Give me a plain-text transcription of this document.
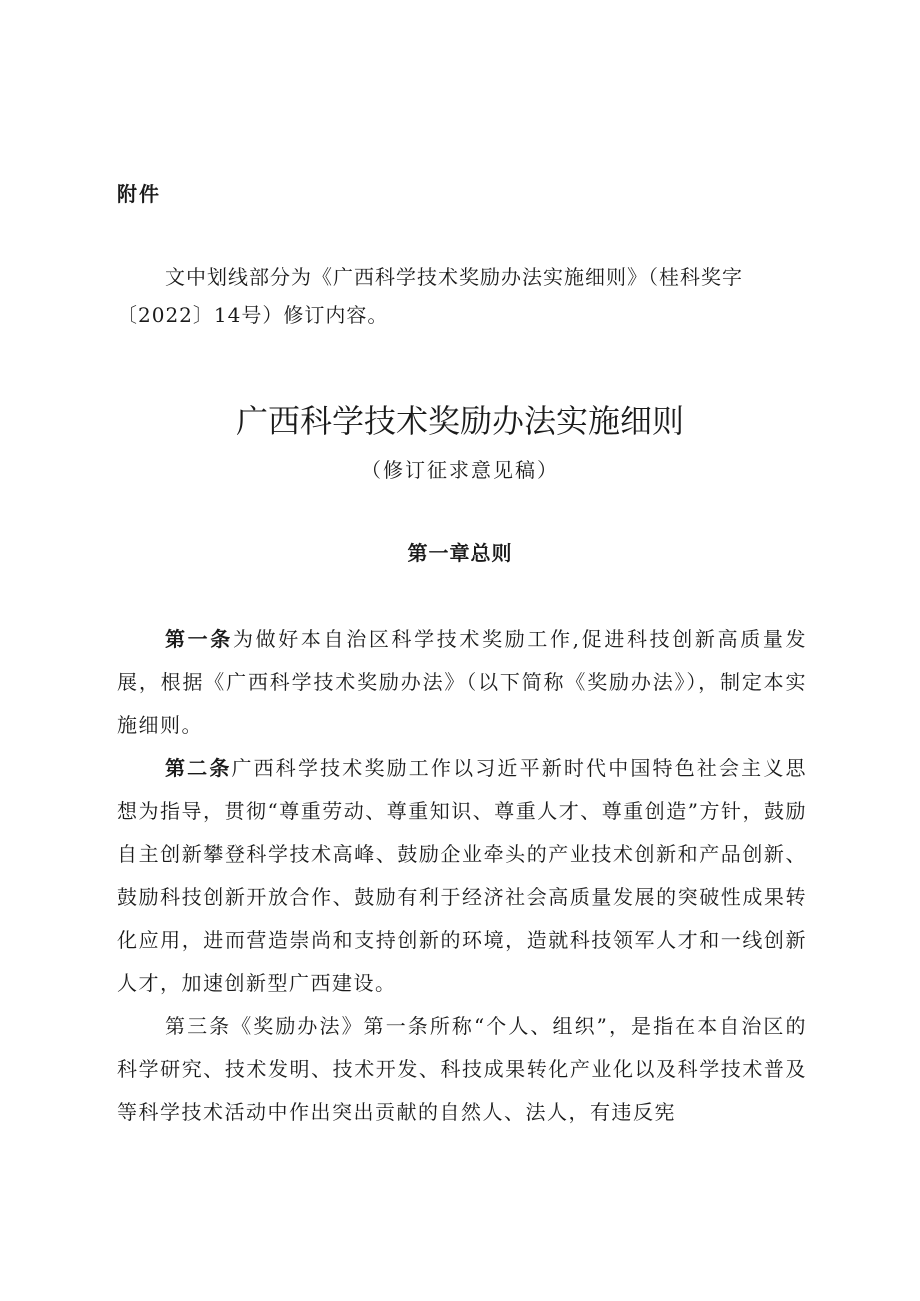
附件

文中划线部分为《广西科学技术奖励办法实施细则》（桂科奖字〔2022〕14号）修订内容。

广西科学技术奖励办法实施细则
（修订征求意见稿）
第一章总则

第一条为做好本自治区科学技术奖励工作,促进科技创新高质量发展，根据《广西科学技术奖励办法》（以下简称《奖励办法》），制定本实施细则。

第二条广西科学技术奖励工作以习近平新时代中国特色社会主义思想为指导，贯彻“尊重劳动、尊重知识、尊重人才、尊重创造”方针，鼓励自主创新攀登科学技术高峰、鼓励企业牵头的产业技术创新和产品创新、鼓励科技创新开放合作、鼓励有利于经济社会高质量发展的突破性成果转化应用，进而营造崇尚和支持创新的环境，造就科技领军人才和一线创新人才，加速创新型广西建设。

第三条《奖励办法》第一条所称“个人、组织”，是指在本自治区的科学研究、技术发明、技术开发、科技成果转化产业化以及科学技术普及等科学技术活动中作出突出贡献的自然人、法人，有违反宪
